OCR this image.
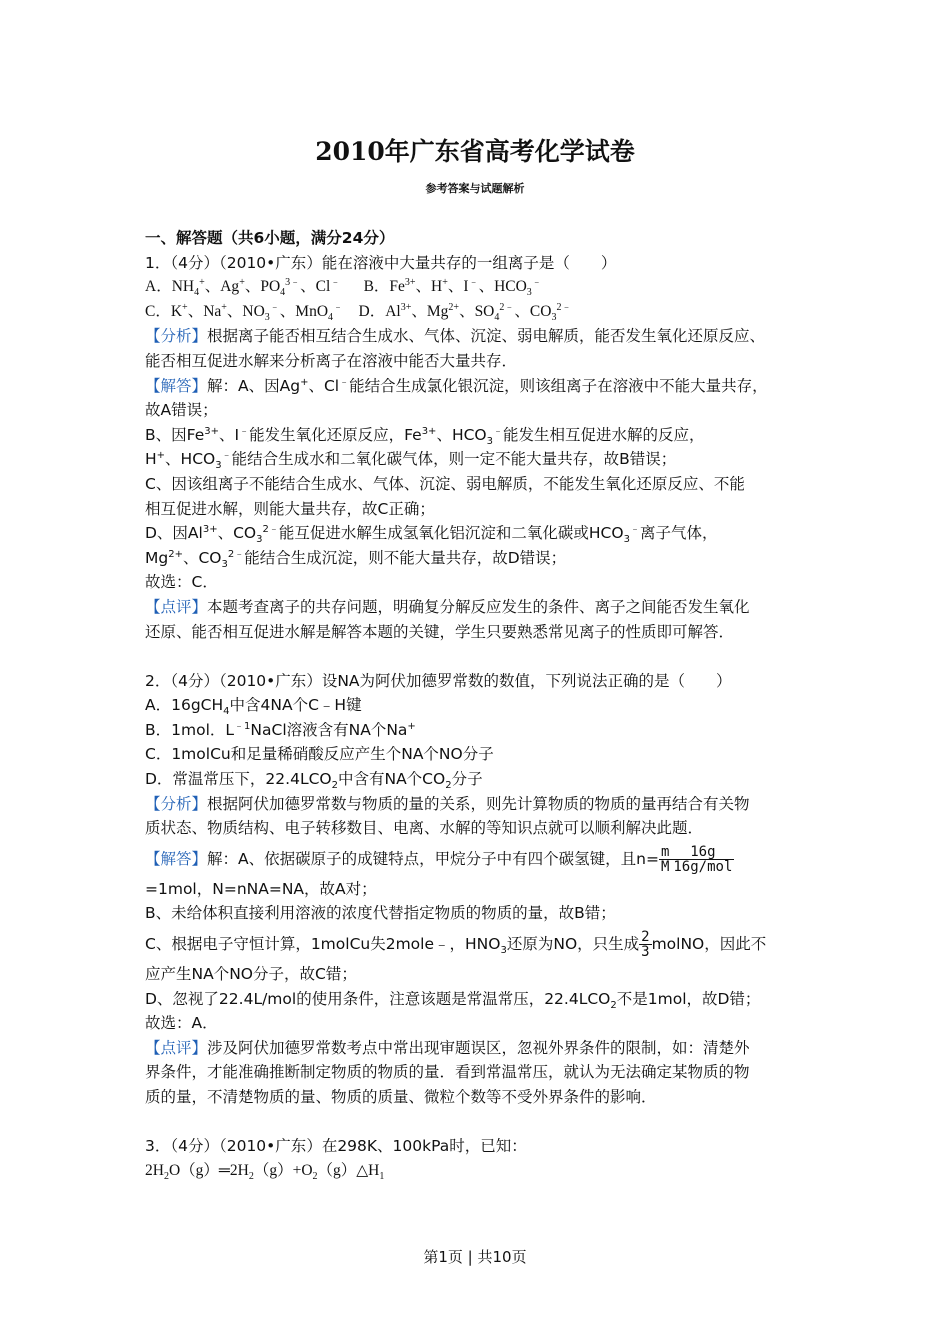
2010年广东省高考化学试卷
参考答案与试题解析
一、解答题（共6小题，满分24分）
1．（4分）（2010•广东）能在溶液中大量共存的一组离子是（　　）
A．$NH_4^+$、Ag+、$PO_4^{3﹣}$、Cl﹣ B．$Fe^{3+}$、H+、I﹣、$HCO_3^﹣$
C．K+、Na+、$NO_3^﹣$、MnO$_4$﹣ D．$Al^{3+}$、$Mg^{2+}$、$SO_4^{2﹣}$、$CO_3^{2﹣}$
【分析】根据离子能否相互结合生成水、气体、沉淀、弱电解质，能否发生氧化还原反应、
能否相互促进水解来分析离子在溶液中能否大量共存．
【解答】解：A、因Ag+、Cl﹣能结合生成氯化银沉淀，则该组离子在溶液中不能大量共存，
故A错误；
B、因$Fe^{3+}$、I﹣能发生氧化还原反应，$Fe^{3+}$、$HCO_3^﹣$能发生相互促进水解的反应，
H+、$HCO_3^﹣$能结合生成水和二氧化碳气体，则一定不能大量共存，故B错误；
C、因该组离子不能结合生成水、气体、沉淀、弱电解质，不能发生氧化还原反应、不能
相互促进水解，则能大量共存，故C正确；
D、因$Al^{3+}$、$CO_3^{2﹣}$能互促进水解生成氢氧化铝沉淀和二氧化碳或$HCO_3^﹣$离子气体，
$Mg^{2+}$、$CO_3^{2﹣}$能结合生成沉淀，则不能大量共存，故D错误；
故选：C．
【点评】本题考查离子的共存问题，明确复分解反应发生的条件、离子之间能否发生氧化
还原、能否相互促进水解是解答本题的关键，学生只要熟悉常见离子的性质即可解答．
2．（4分）（2010•广东）设NA为阿伏加德罗常数的数值，下列说法正确的是（　　）
A．16gCH$_4$中含4NA个C﹣H键
B．1mol．$L^{﹣1}NaCl$溶液含有NA个Na+
C．1molCu和足量稀硝酸反应产生个NA个NO分子
D．常温常压下，$22.4LCO_2$中含有NA个$CO_2$分子
【分析】根据阿伏加德罗常数与物质的量的关系，则先计算物质的物质的量再结合有关物
质状态、物质结构、电子转移数目、电离、水解的等知识点就可以顺利解决此题．
【解答】解：A、依据碳原子的成键特点，甲烷分子中有四个碳氢键，且$n= \frac{m}{M} \frac{16g}{\text{16g/mol}}$
=1mol，N=nNA=NA，故A对；
B、未给体积直接利用溶液的浓度代替指定物质的物质的量，故B错；
C、根据电子守恒计算，1molCu失2mole﹣，$HNO_3$还原为NO，只生成 $\frac{2}{3}$ molNO，因此不
应产生NA个NO分子，故C错；
D、忽视了22.4L/mol的使用条件，注意该题是常温常压，$22.4LCO_2$不是1mol，故D错；
故选：A．
【点评】涉及阿伏加德罗常数考点中常出现审题误区，忽视外界条件的限制，如：清楚外
界条件，才能准确推断制定物质的物质的量．看到常温常压，就认为无法确定某物质的物
质的量，不清楚物质的量、物质的质量、微粒个数等不受外界条件的影响．
3．（4分）（2010•广东）在298K、100kPa时，已知：
$2H_2O(g)═2H_2(g)+O_2(g)\triangle H_1$
第1页 | 共10页
